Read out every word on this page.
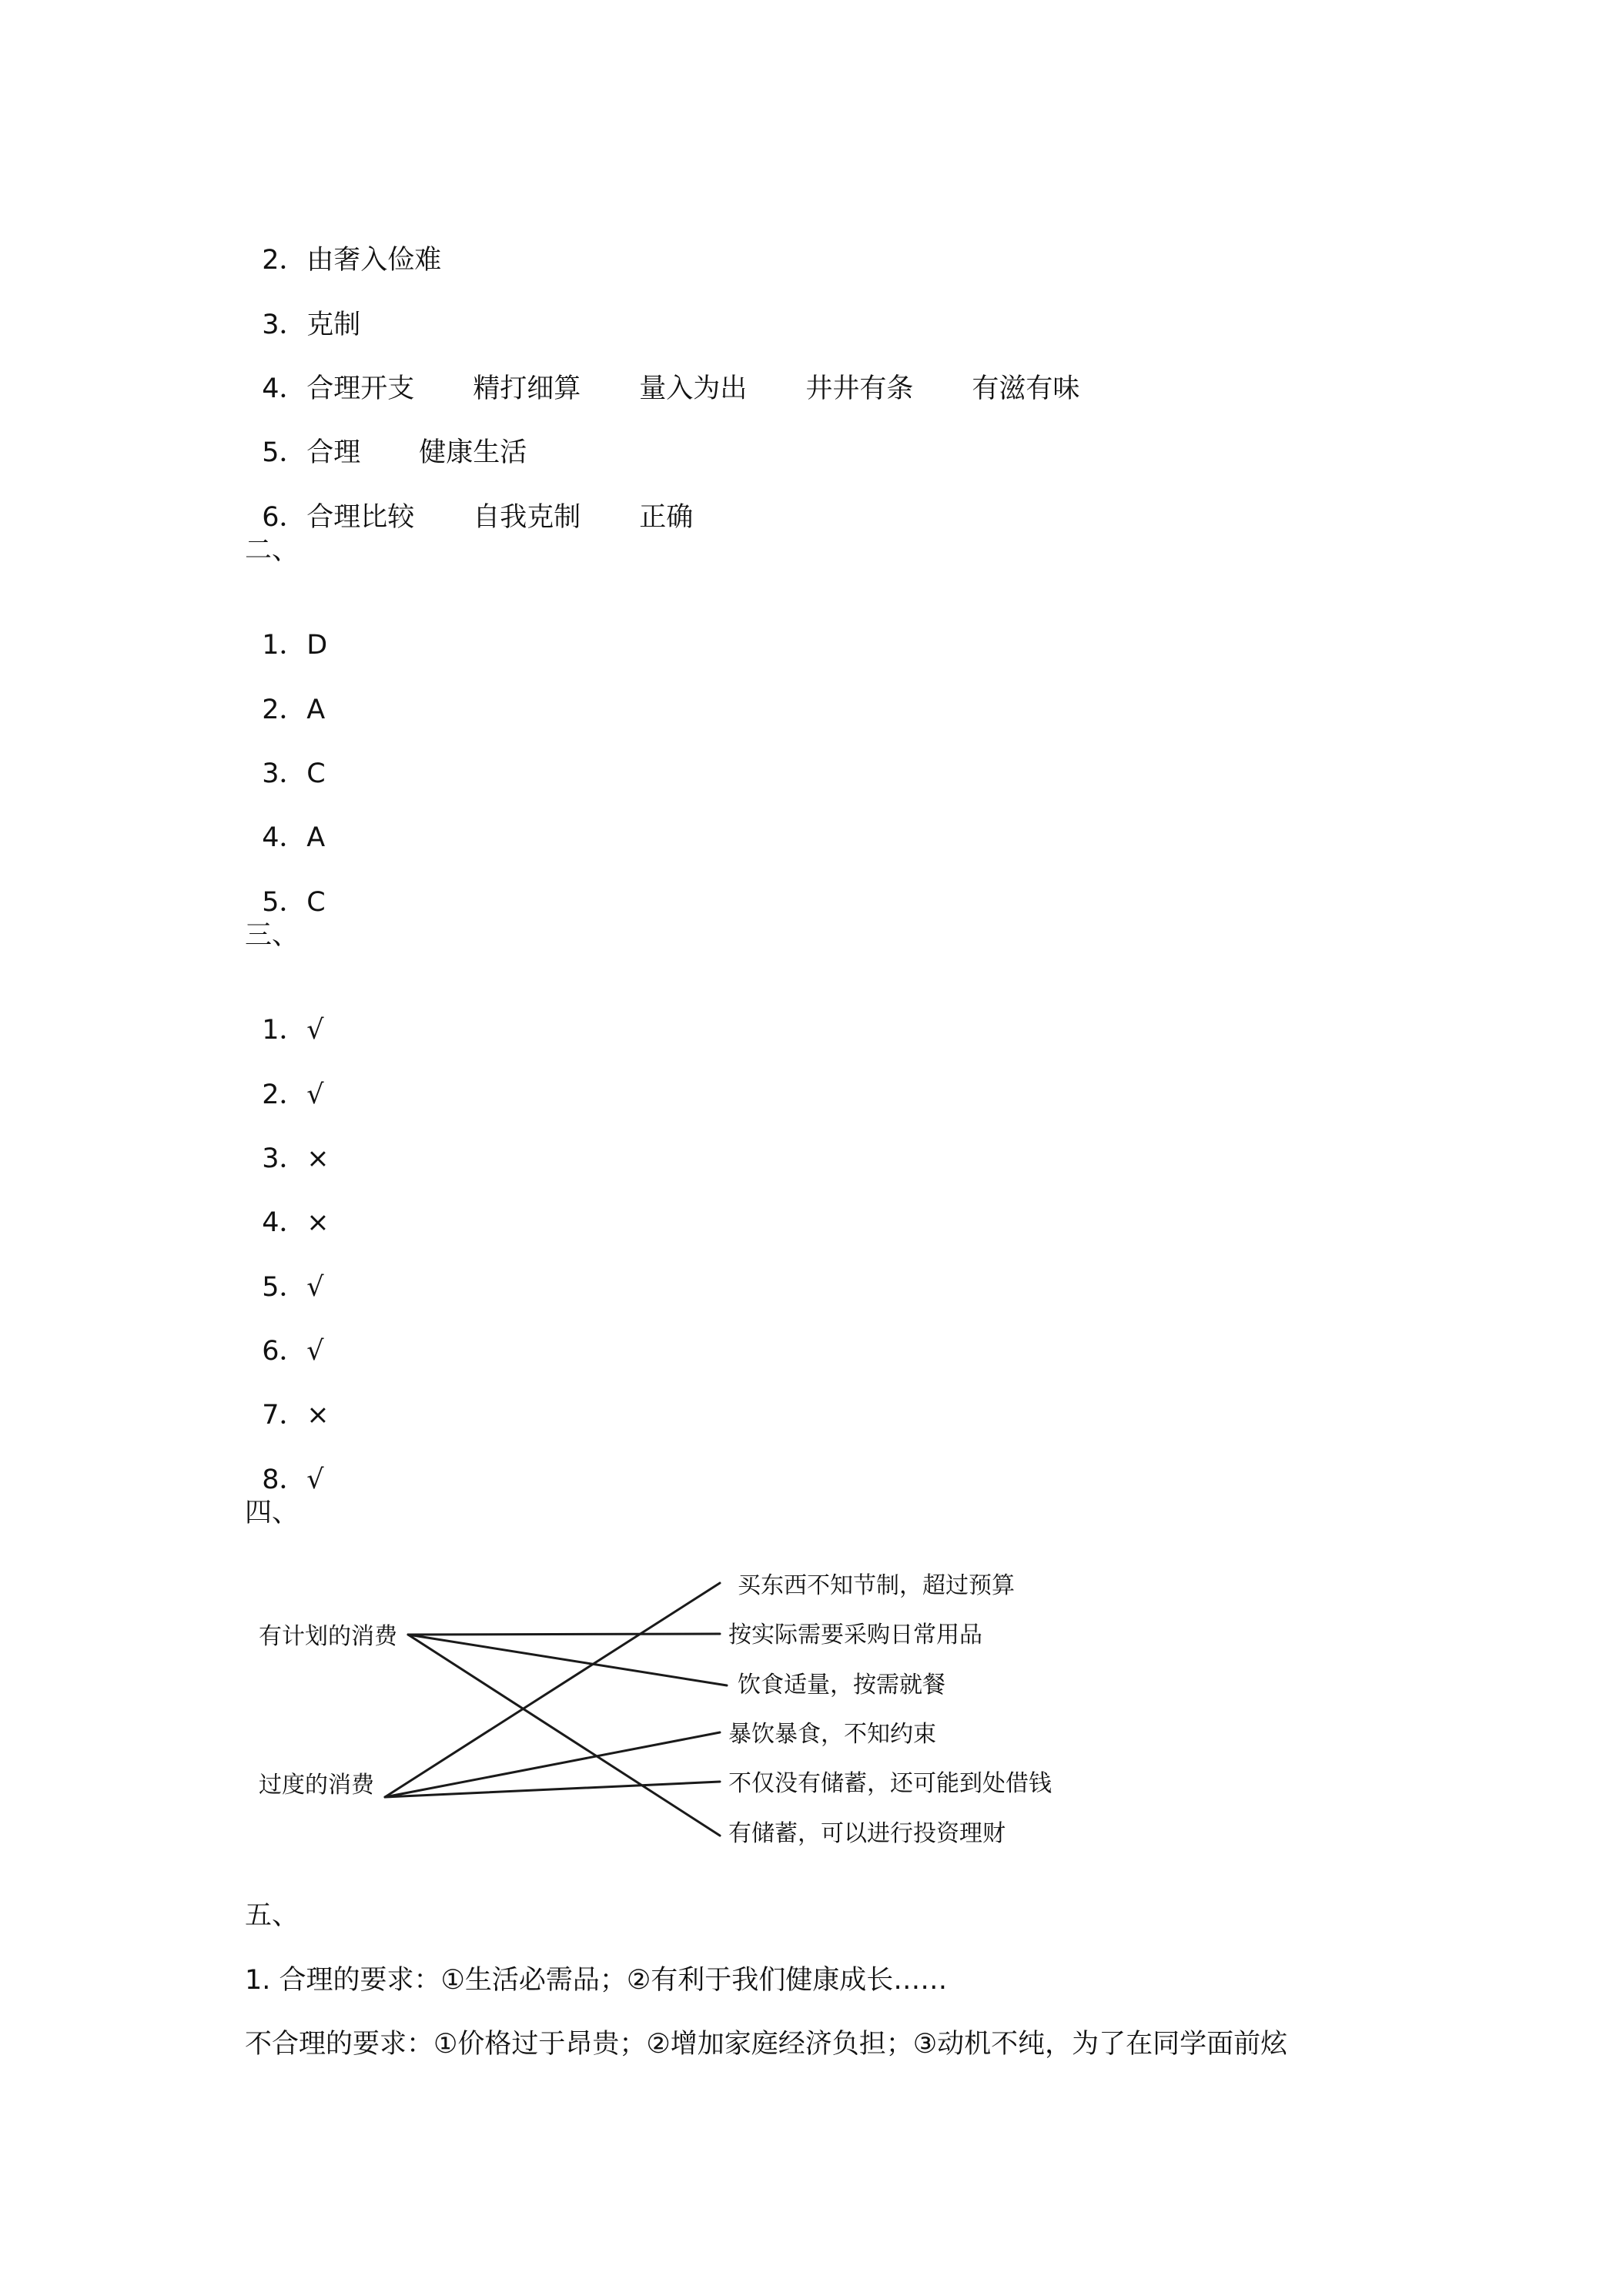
2．由奢入俭难

3．克制

4．合理开支 精打细算 量入为出 井井有条 有滋有味

5．合理 健康生活

6．合理比较 自我克制 正确

二、

1．D

2．A

3．C

4．A

5．C

三、

1．√

2．√

3．×

4．×

5．√

6．√

7．×

8．√

四、
有计划的消费
过度的消费
买东西不知节制，超过预算
按实际需要采购日常用品
饮食适量，按需就餐
暴饮暴食，不知约束
不仅没有储蓄，还可能到处借钱
有储蓄，可以进行投资理财
五、
1. 合理的要求：①生活必需品；②有利于我们健康成长……
不合理的要求：①价格过于昂贵；②增加家庭经济负担；③动机不纯，为了在同学面前炫
